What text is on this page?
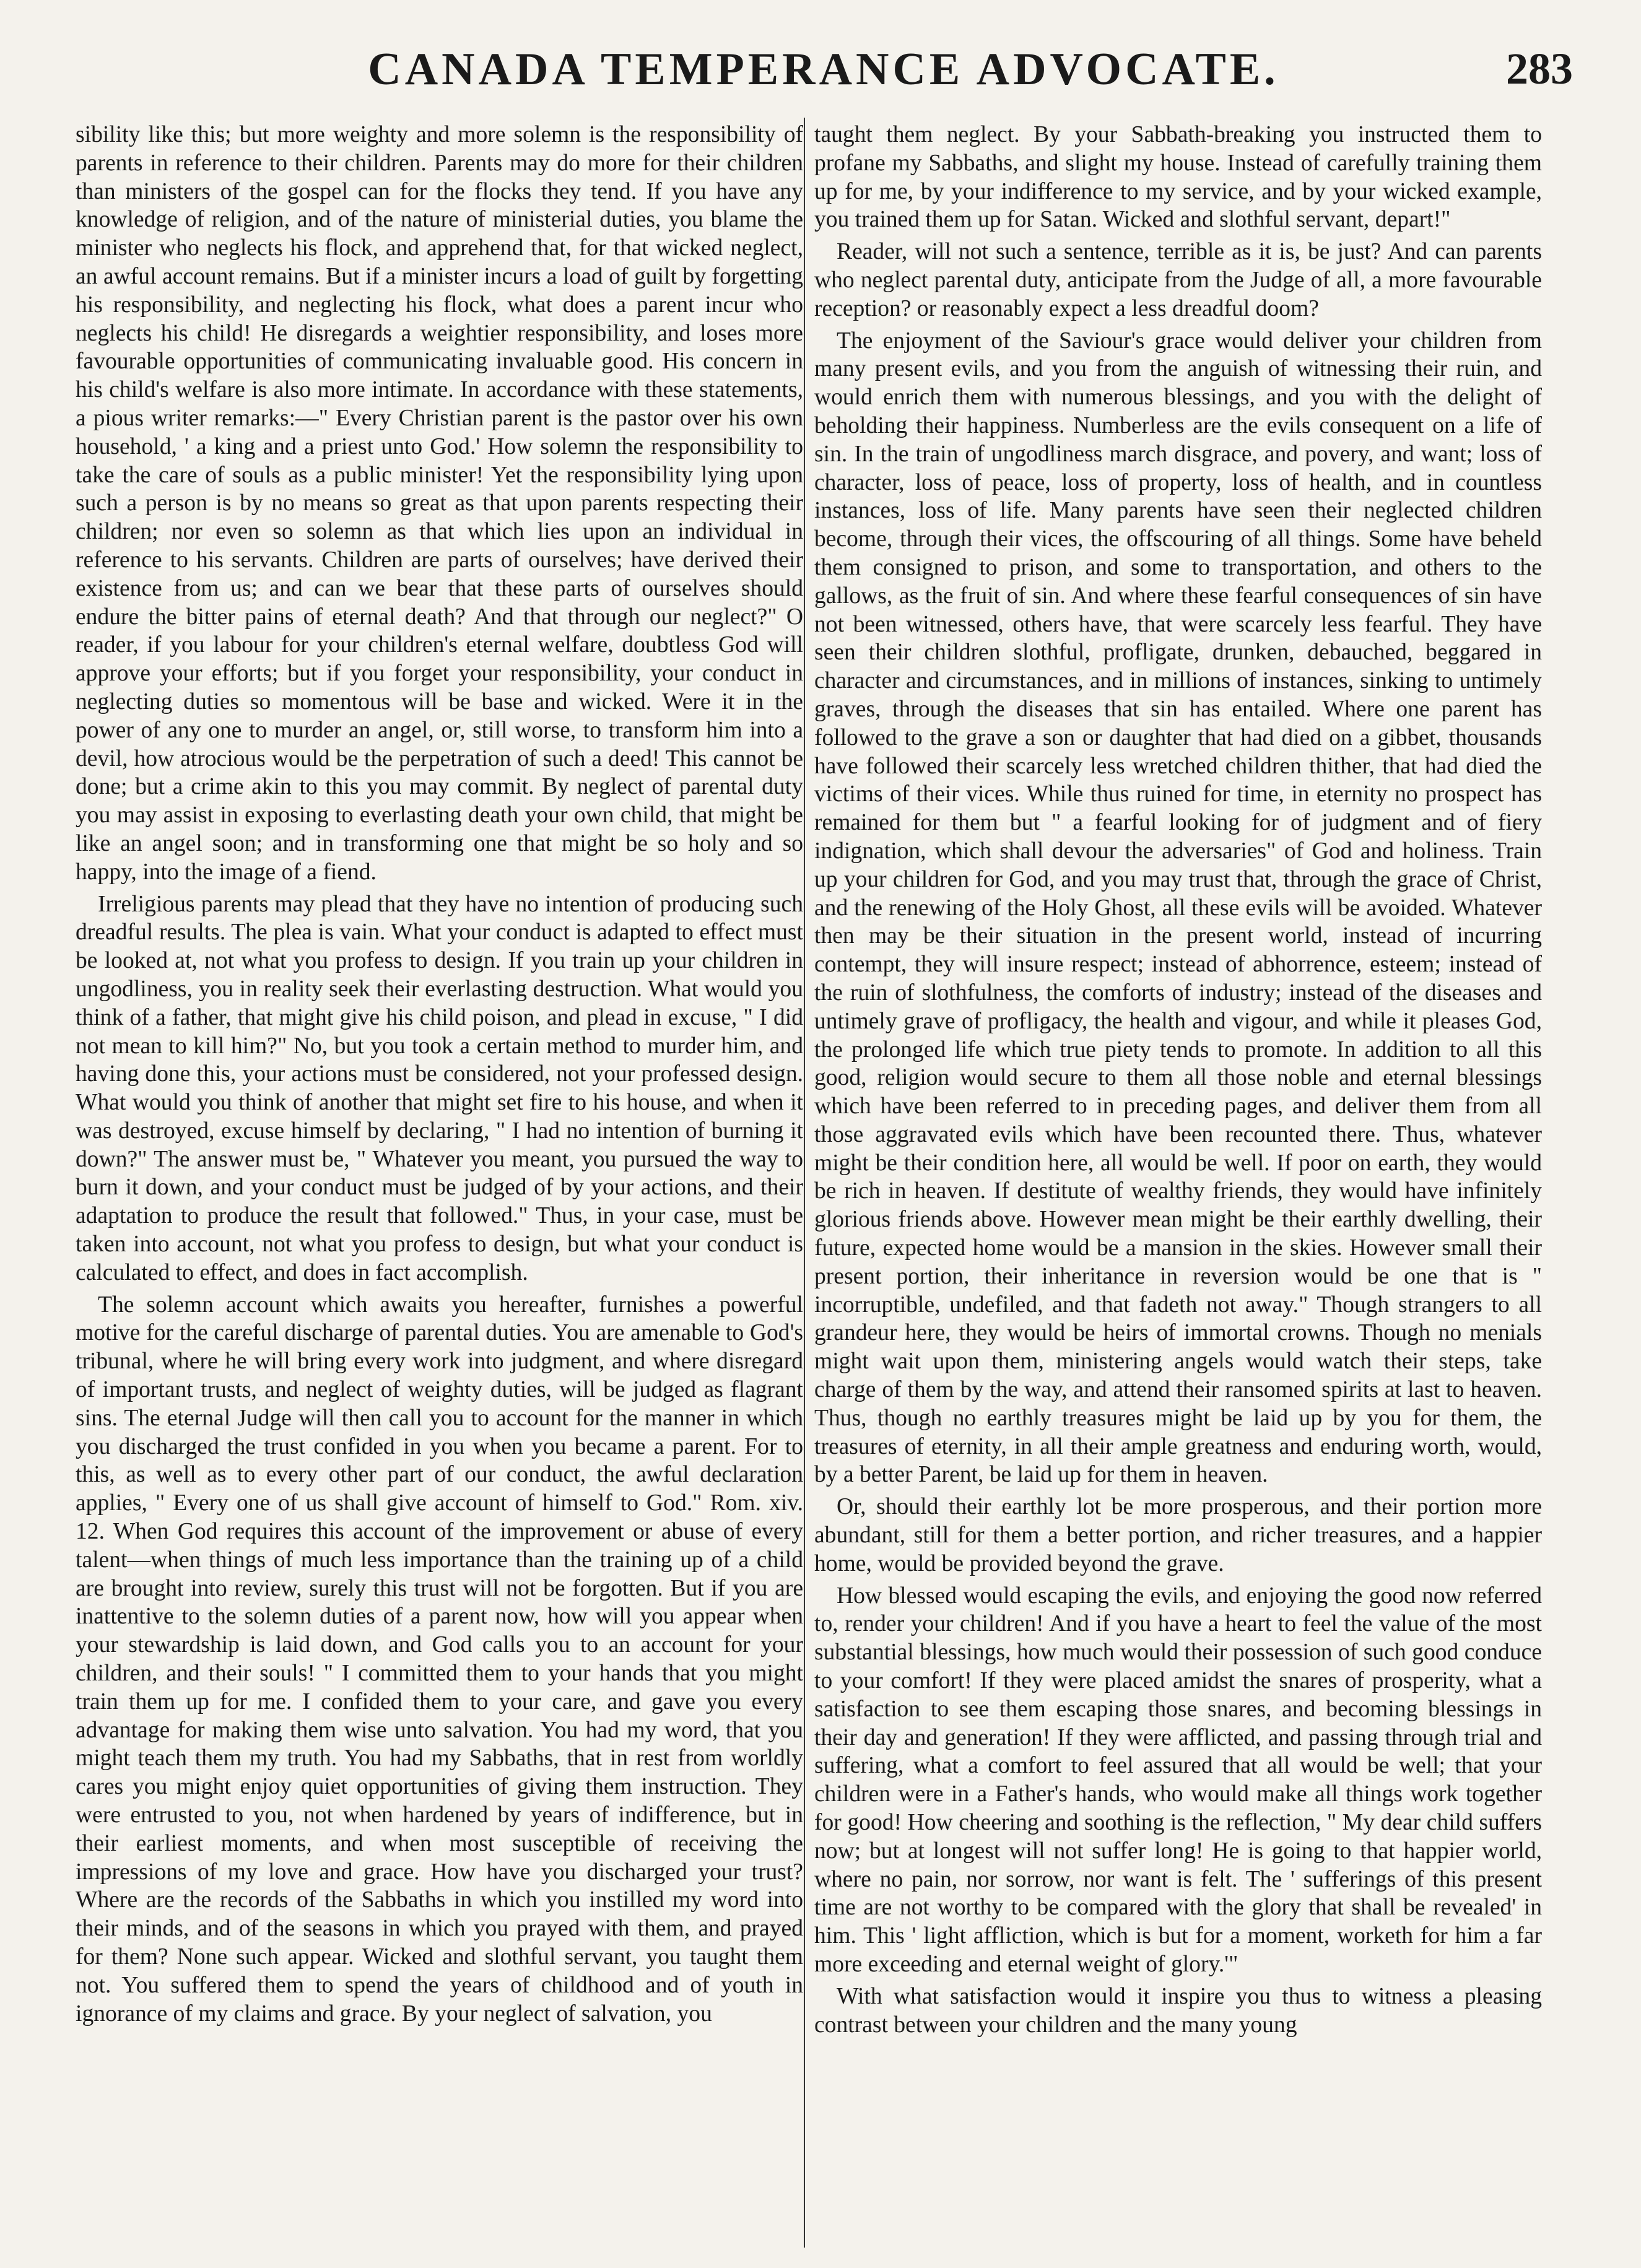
CANADA TEMPERANCE ADVOCATE.	283

sibility like this; but more weighty and more solemn is the responsibility of parents in reference to their children. Parents may do more for their children than ministers of the gospel can for the flocks they tend. If you have any knowledge of religion, and of the nature of ministerial duties, you blame the minister who neglects his flock, and apprehend that, for that wicked neglect, an awful account remains. But if a minister incurs a load of guilt by forgetting his responsibility, and neglecting his flock, what does a parent incur who neglects his child! He disregards a weightier responsibility, and loses more favourable opportunities of communicating invaluable good. His concern in his child's welfare is also more intimate. In accordance with these statements, a pious writer remarks:—" Every Christian parent is the pastor over his own household, ' a king and a priest unto God.' How solemn the responsibility to take the care of souls as a public minister! Yet the responsibility lying upon such a person is by no means so great as that upon parents respecting their children; nor even so solemn as that which lies upon an individual in reference to his servants. Children are parts of ourselves; have derived their existence from us; and can we bear that these parts of ourselves should endure the bitter pains of eternal death? And that through our neglect?" O reader, if you labour for your children's eternal welfare, doubtless God will approve your efforts; but if you forget your responsibility, your conduct in neglecting duties so momentous will be base and wicked. Were it in the power of any one to murder an angel, or, still worse, to transform him into a devil, how atrocious would be the perpetration of such a deed! This cannot be done; but a crime akin to this you may commit. By neglect of parental duty you may assist in exposing to everlasting death your own child, that might be like an angel soon; and in transforming one that might be so holy and so happy, into the image of a fiend.

Irreligious parents may plead that they have no intention of producing such dreadful results. The plea is vain. What your conduct is adapted to effect must be looked at, not what you profess to design. If you train up your children in ungodliness, you in reality seek their everlasting destruction. What would you think of a father, that might give his child poison, and plead in excuse, " I did not mean to kill him?" No, but you took a certain method to murder him, and having done this, your actions must be considered, not your professed design. What would you think of another that might set fire to his house, and when it was destroyed, excuse himself by declaring, " I had no intention of burning it down?" The answer must be, " Whatever you meant, you pursued the way to burn it down, and your conduct must be judged of by your actions, and their adaptation to produce the result that followed." Thus, in your case, must be taken into account, not what you profess to design, but what your conduct is calculated to effect, and does in fact accomplish.

The solemn account which awaits you hereafter, furnishes a powerful motive for the careful discharge of parental duties. You are amenable to God's tribunal, where he will bring every work into judgment, and where disregard of important trusts, and neglect of weighty duties, will be judged as flagrant sins. The eternal Judge will then call you to account for the manner in which you discharged the trust confided in you when you became a parent. For to this, as well as to every other part of our conduct, the awful declaration applies, " Every one of us shall give account of himself to God." Rom. xiv. 12. When God requires this account of the improvement or abuse of every talent—when things of much less importance than the training up of a child are brought into review, surely this trust will not be forgotten. But if you are inattentive to the solemn duties of a parent now, how will you appear when your stewardship is laid down, and God calls you to an account for your children, and their souls! " I committed them to your hands that you might train them up for me. I confided them to your care, and gave you every advantage for making them wise unto salvation. You had my word, that you might teach them my truth. You had my Sabbaths, that in rest from worldly cares you might enjoy quiet opportunities of giving them instruction. They were entrusted to you, not when hardened by years of indifference, but in their earliest moments, and when most susceptible of receiving the impressions of my love and grace. How have you discharged your trust? Where are the records of the Sabbaths in which you instilled my word into their minds, and of the seasons in which you prayed with them, and prayed for them? None such appear. Wicked and slothful servant, you taught them not. You suffered them to spend the years of childhood and of youth in ignorance of my claims and grace. By your neglect of salvation, you

taught them neglect. By your Sabbath-breaking you instructed them to profane my Sabbaths, and slight my house. Instead of carefully training them up for me, by your indifference to my service, and by your wicked example, you trained them up for Satan. Wicked and slothful servant, depart!"

Reader, will not such a sentence, terrible as it is, be just? And can parents who neglect parental duty, anticipate from the Judge of all, a more favourable reception? or reasonably expect a less dreadful doom?

The enjoyment of the Saviour's grace would deliver your children from many present evils, and you from the anguish of witnessing their ruin, and would enrich them with numerous blessings, and you with the delight of beholding their happiness. Numberless are the evils consequent on a life of sin. In the train of ungodliness march disgrace, and povery, and want; loss of character, loss of peace, loss of property, loss of health, and in countless instances, loss of life. Many parents have seen their neglected children become, through their vices, the offscouring of all things. Some have beheld them consigned to prison, and some to transportation, and others to the gallows, as the fruit of sin. And where these fearful consequences of sin have not been witnessed, others have, that were scarcely less fearful. They have seen their children slothful, profligate, drunken, debauched, beggared in character and circumstances, and in millions of instances, sinking to untimely graves, through the diseases that sin has entailed. Where one parent has followed to the grave a son or daughter that had died on a gibbet, thousands have followed their scarcely less wretched children thither, that had died the victims of their vices. While thus ruined for time, in eternity no prospect has remained for them but " a fearful looking for of judgment and of fiery indignation, which shall devour the adversaries" of God and holiness. Train up your children for God, and you may trust that, through the grace of Christ, and the renewing of the Holy Ghost, all these evils will be avoided. Whatever then may be their situation in the present world, instead of incurring contempt, they will insure respect; instead of abhorrence, esteem; instead of the ruin of slothfulness, the comforts of industry; instead of the diseases and untimely grave of profligacy, the health and vigour, and while it pleases God, the prolonged life which true piety tends to promote. In addition to all this good, religion would secure to them all those noble and eternal blessings which have been referred to in preceding pages, and deliver them from all those aggravated evils which have been recounted there. Thus, whatever might be their condition here, all would be well. If poor on earth, they would be rich in heaven. If destitute of wealthy friends, they would have infinitely glorious friends above. However mean might be their earthly dwelling, their future, expected home would be a mansion in the skies. However small their present portion, their inheritance in reversion would be one that is " incorruptible, undefiled, and that fadeth not away." Though strangers to all grandeur here, they would be heirs of immortal crowns. Though no menials might wait upon them, ministering angels would watch their steps, take charge of them by the way, and attend their ransomed spirits at last to heaven. Thus, though no earthly treasures might be laid up by you for them, the treasures of eternity, in all their ample greatness and enduring worth, would, by a better Parent, be laid up for them in heaven.

Or, should their earthly lot be more prosperous, and their portion more abundant, still for them a better portion, and richer treasures, and a happier home, would be provided beyond the grave.

How blessed would escaping the evils, and enjoying the good now referred to, render your children! And if you have a heart to feel the value of the most substantial blessings, how much would their possession of such good conduce to your comfort! If they were placed amidst the snares of prosperity, what a satisfaction to see them escaping those snares, and becoming blessings in their day and generation! If they were afflicted, and passing through trial and suffering, what a comfort to feel assured that all would be well; that your children were in a Father's hands, who would make all things work together for good! How cheering and soothing is the reflection, " My dear child suffers now; but at longest will not suffer long! He is going to that happier world, where no pain, nor sorrow, nor want is felt. The ' sufferings of this present time are not worthy to be compared with the glory that shall be revealed' in him. This ' light affliction, which is but for a moment, worketh for him a far more exceeding and eternal weight of glory.'"

With what satisfaction would it inspire you thus to witness a pleasing contrast between your children and the many young
